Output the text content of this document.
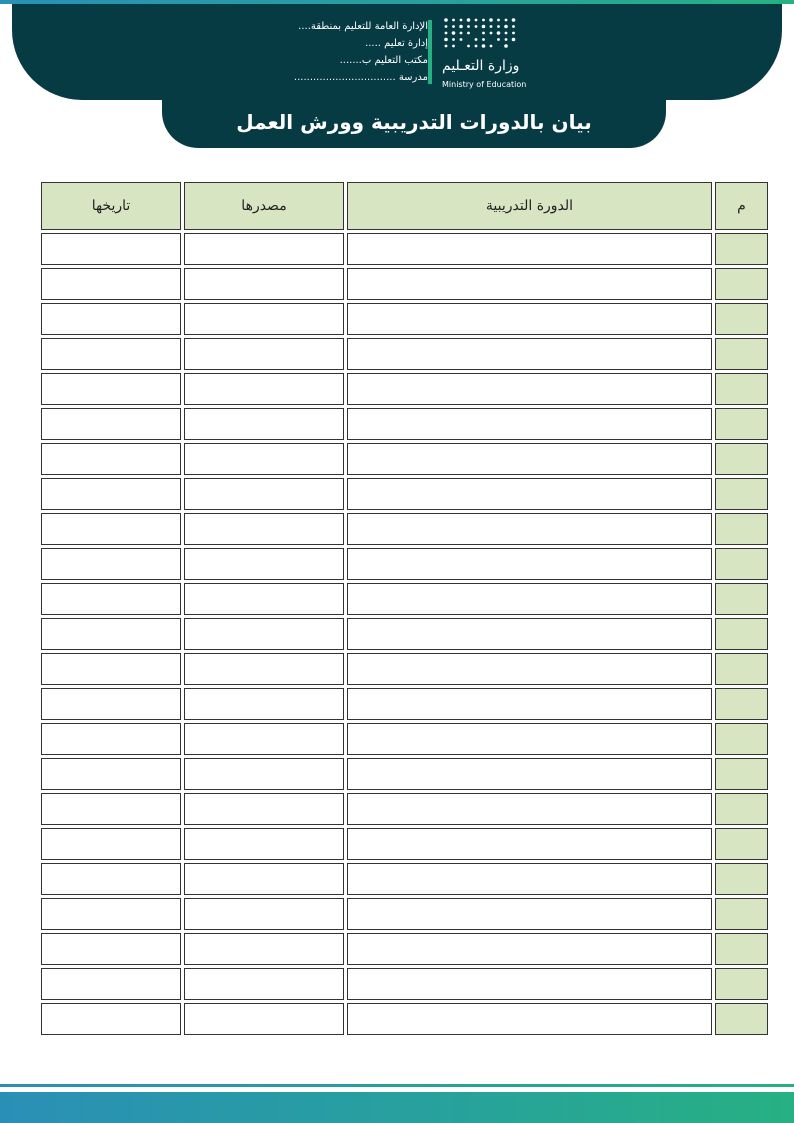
الإدارة العامة للتعليم بمنطقة....
إدارة تعليم .....
مكتب التعليم ب.......
مدرسة ................................
وزارة التعـليم
Ministry of Education
بيان بالدورات التدريبية وورش العمل
م	الدورة التدريبية	مصدرها	تاريخها
